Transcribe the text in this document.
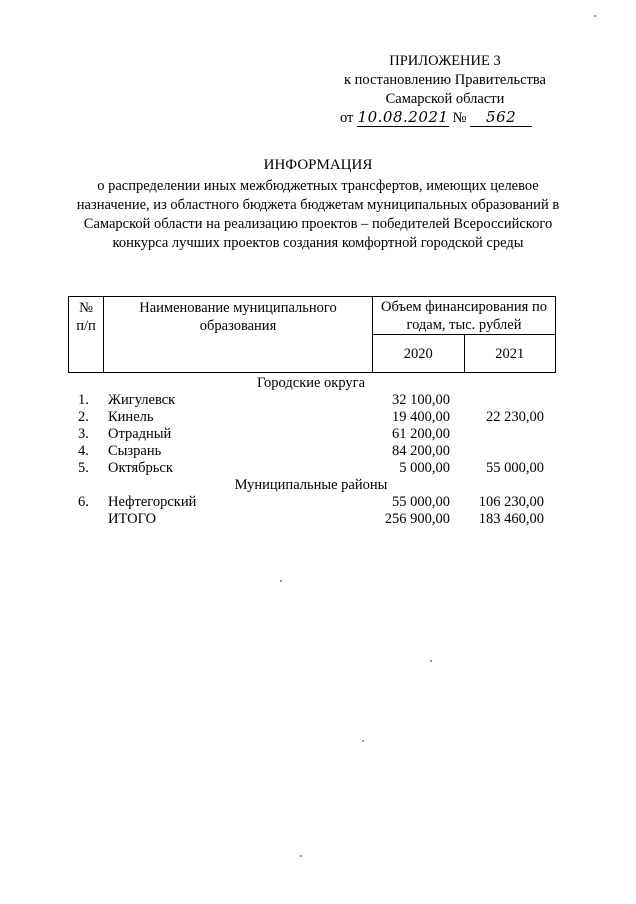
ПРИЛОЖЕНИЕ 3
к постановлению Правительства
Самарской области
от 10.08.2021 № 562
ИНФОРМАЦИЯ
о распределении иных межбюджетных трансфертов, имеющих целевое назначение, из областного бюджета бюджетам муниципальных образований в Самарской области на реализацию проектов – победителей Всероссийского конкурса лучших проектов создания комфортной городской среды
№ п/п	Наименование муниципального образования	Объем финансирования по годам, тыс. рублей	

		2020	2021
Городские округа
1.	Жигулевск	32 100,00
2.	Кинель	19 400,00 22 230,00
3.	Отрадный	61 200,00
4.	Сызрань	84 200,00
5.	Октябрьск	5 000,00 55 000,00
Муниципальные районы
6.	Нефтегорский	55 000,00 106 230,00
ИТОГО	256 900,00 183 460,00
